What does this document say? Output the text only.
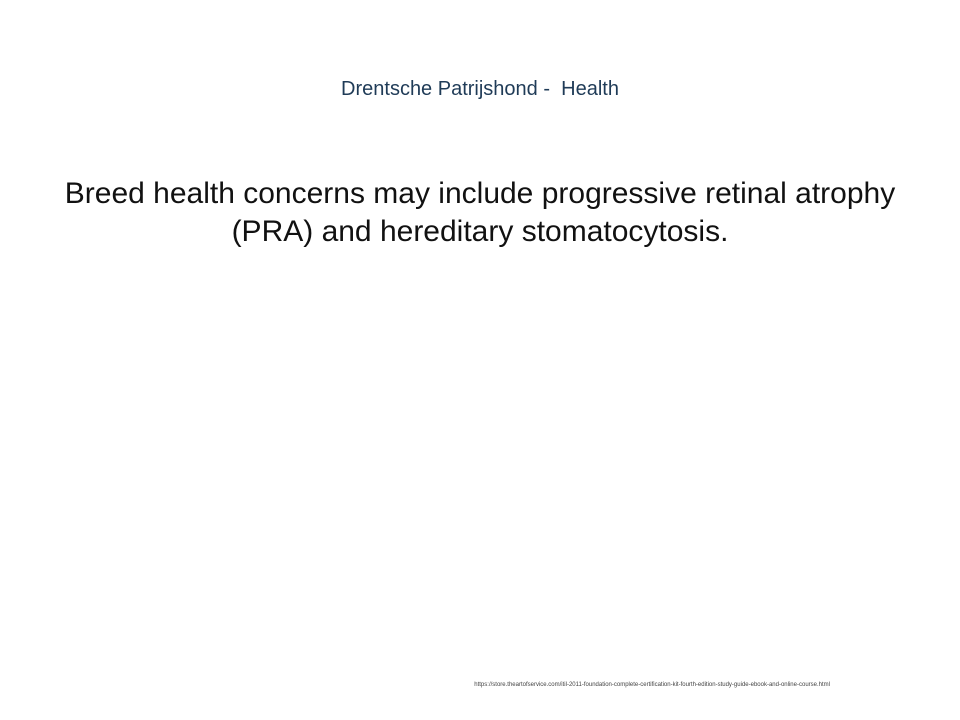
Drentsche Patrijshond -  Health
Breed health concerns may include progressive retinal atrophy (PRA) and hereditary stomatocytosis.
https://store.theartofservice.com/itil-2011-foundation-complete-certification-kit-fourth-edition-study-guide-ebook-and-online-course.html
